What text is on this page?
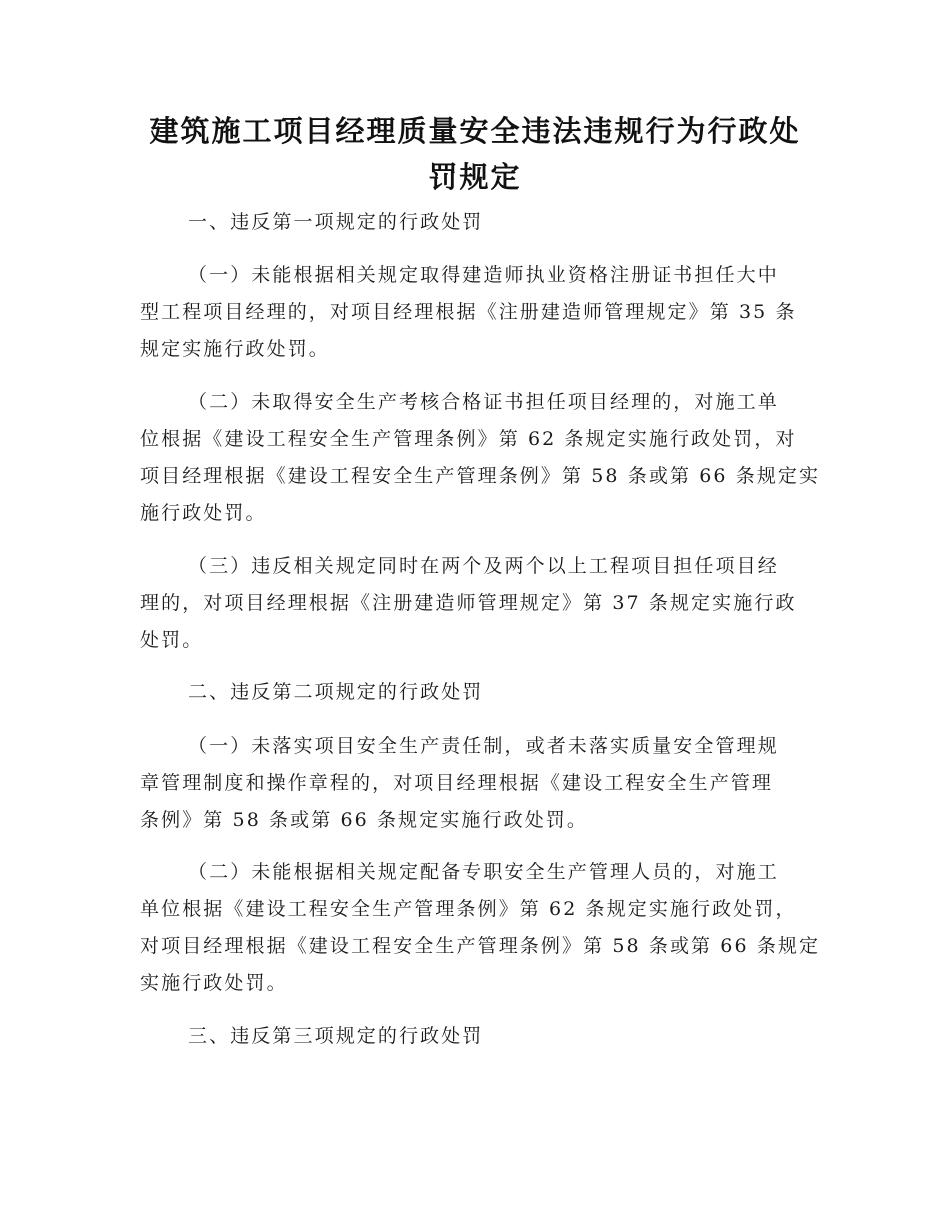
建筑施工项目经理质量安全违法违规行为行政处
罚规定

一、违反第一项规定的行政处罚

（一）未能根据相关规定取得建造师执业资格注册证书担任大中
型工程项目经理的，对项目经理根据《注册建造师管理规定》第 35 条
规定实施行政处罚。

（二）未取得安全生产考核合格证书担任项目经理的，对施工单
位根据《建设工程安全生产管理条例》第 62 条规定实施行政处罚，对
项目经理根据《建设工程安全生产管理条例》第 58 条或第 66 条规定实
施行政处罚。

（三）违反相关规定同时在两个及两个以上工程项目担任项目经
理的，对项目经理根据《注册建造师管理规定》第 37 条规定实施行政
处罚。

二、违反第二项规定的行政处罚

（一）未落实项目安全生产责任制，或者未落实质量安全管理规
章管理制度和操作章程的，对项目经理根据《建设工程安全生产管理
条例》第 58 条或第 66 条规定实施行政处罚。

（二）未能根据相关规定配备专职安全生产管理人员的，对施工
单位根据《建设工程安全生产管理条例》第 62 条规定实施行政处罚，
对项目经理根据《建设工程安全生产管理条例》第 58 条或第 66 条规定
实施行政处罚。

三、违反第三项规定的行政处罚
